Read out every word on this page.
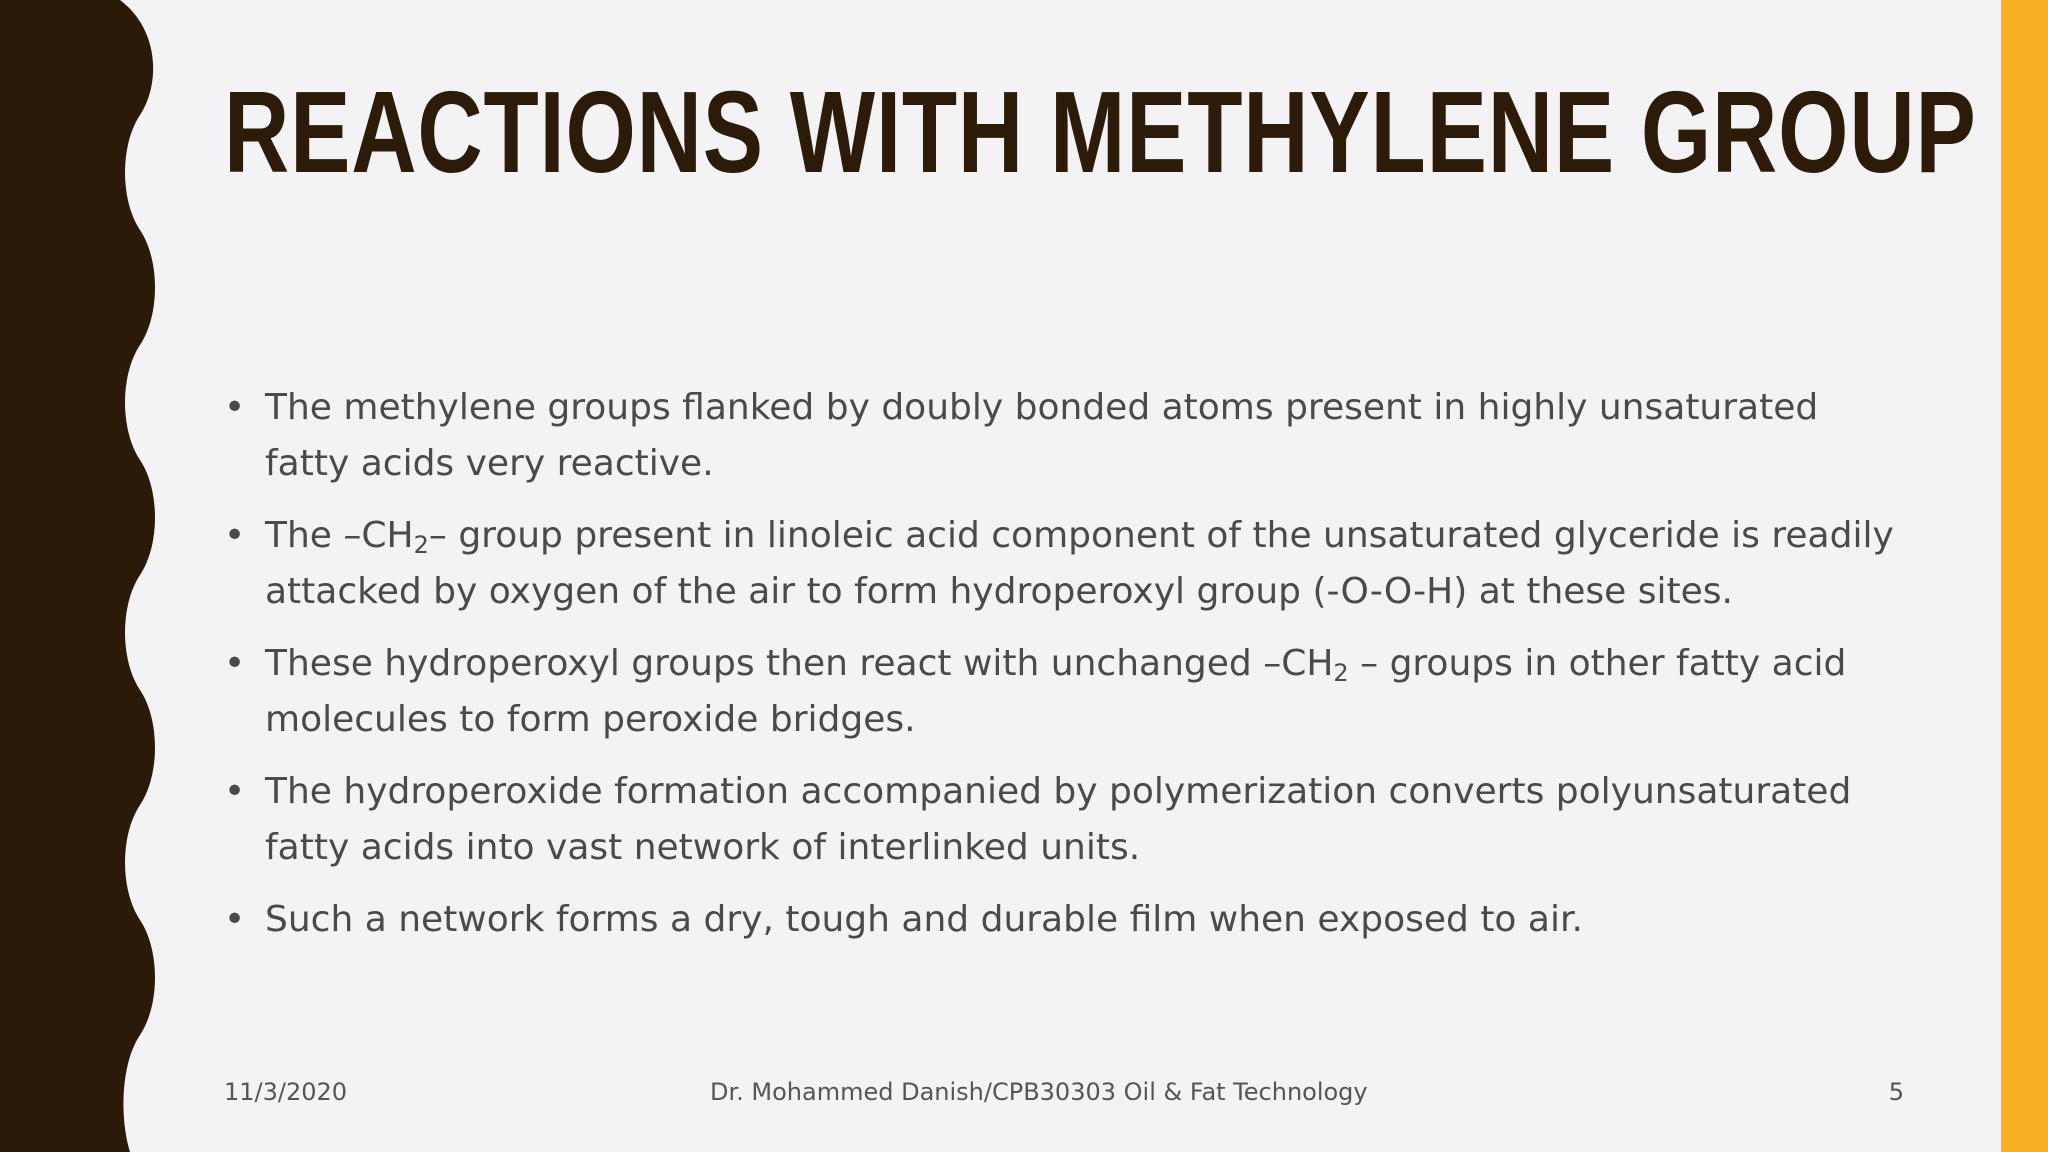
REACTIONS WITH METHYLENE GROUP
• The methylene groups flanked by doubly bonded atoms present in highly unsaturated fatty acids very reactive.
• The $-CH_2-$ group present in linoleic acid component of the unsaturated glyceride is readily attacked by oxygen of the air to form hydroperoxyl group (-O-O-H) at these sites.
• These hydroperoxyl groups then react with unchanged $-CH_2$ – groups in other fatty acid molecules to form peroxide bridges.
• The hydroperoxide formation accompanied by polymerization converts polyunsaturated fatty acids into vast network of interlinked units.
• Such a network forms a dry, tough and durable film when exposed to air.
11/3/2020	Dr. Mohammed Danish/CPB30303 Oil & Fat Technology	5
